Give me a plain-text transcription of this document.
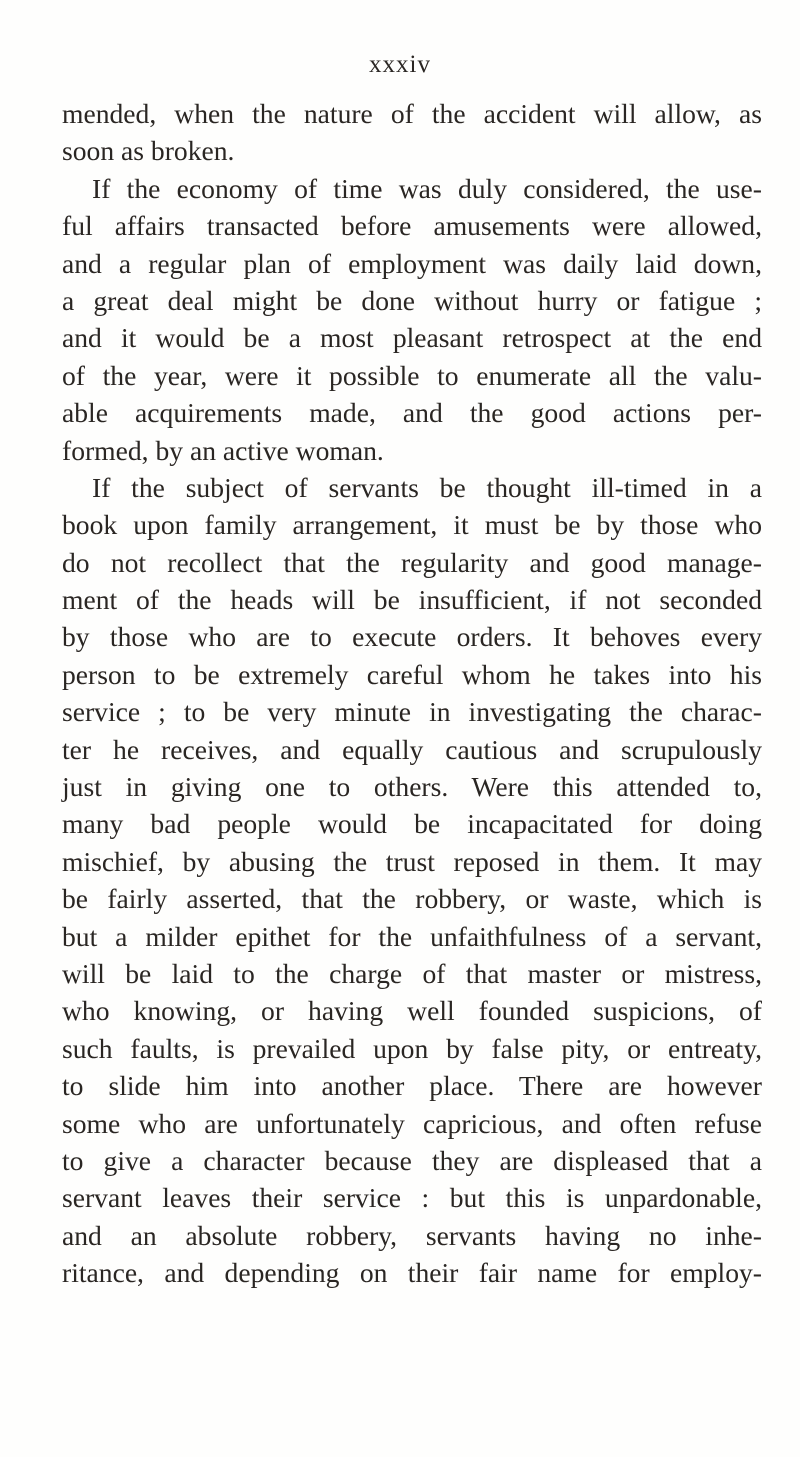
xxxiv
mended, when the nature of the accident will allow, as
soon as broken.
If the economy of time was duly considered, the use-
ful affairs transacted before amusements were allowed,
and a regular plan of employment was daily laid down,
a great deal might be done without hurry or fatigue ;
and it would be a most pleasant retrospect at the end
of the year, were it possible to enumerate all the valu-
able acquirements made, and the good actions per-
formed, by an active woman.
If the subject of servants be thought ill-timed in a
book upon family arrangement, it must be by those who
do not recollect that the regularity and good manage-
ment of the heads will be insufficient, if not seconded
by those who are to execute orders. It behoves every
person to be extremely careful whom he takes into his
service ; to be very minute in investigating the charac-
ter he receives, and equally cautious and scrupulously
just in giving one to others. Were this attended to,
many bad people would be incapacitated for doing
mischief, by abusing the trust reposed in them. It may
be fairly asserted, that the robbery, or waste, which is
but a milder epithet for the unfaithfulness of a servant,
will be laid to the charge of that master or mistress,
who knowing, or having well founded suspicions, of
such faults, is prevailed upon by false pity, or entreaty,
to slide him into another place. There are however
some who are unfortunately capricious, and often refuse
to give a character because they are displeased that a
servant leaves their service : but this is unpardonable,
and an absolute robbery, servants having no inhe-
ritance, and depending on their fair name for employ-
